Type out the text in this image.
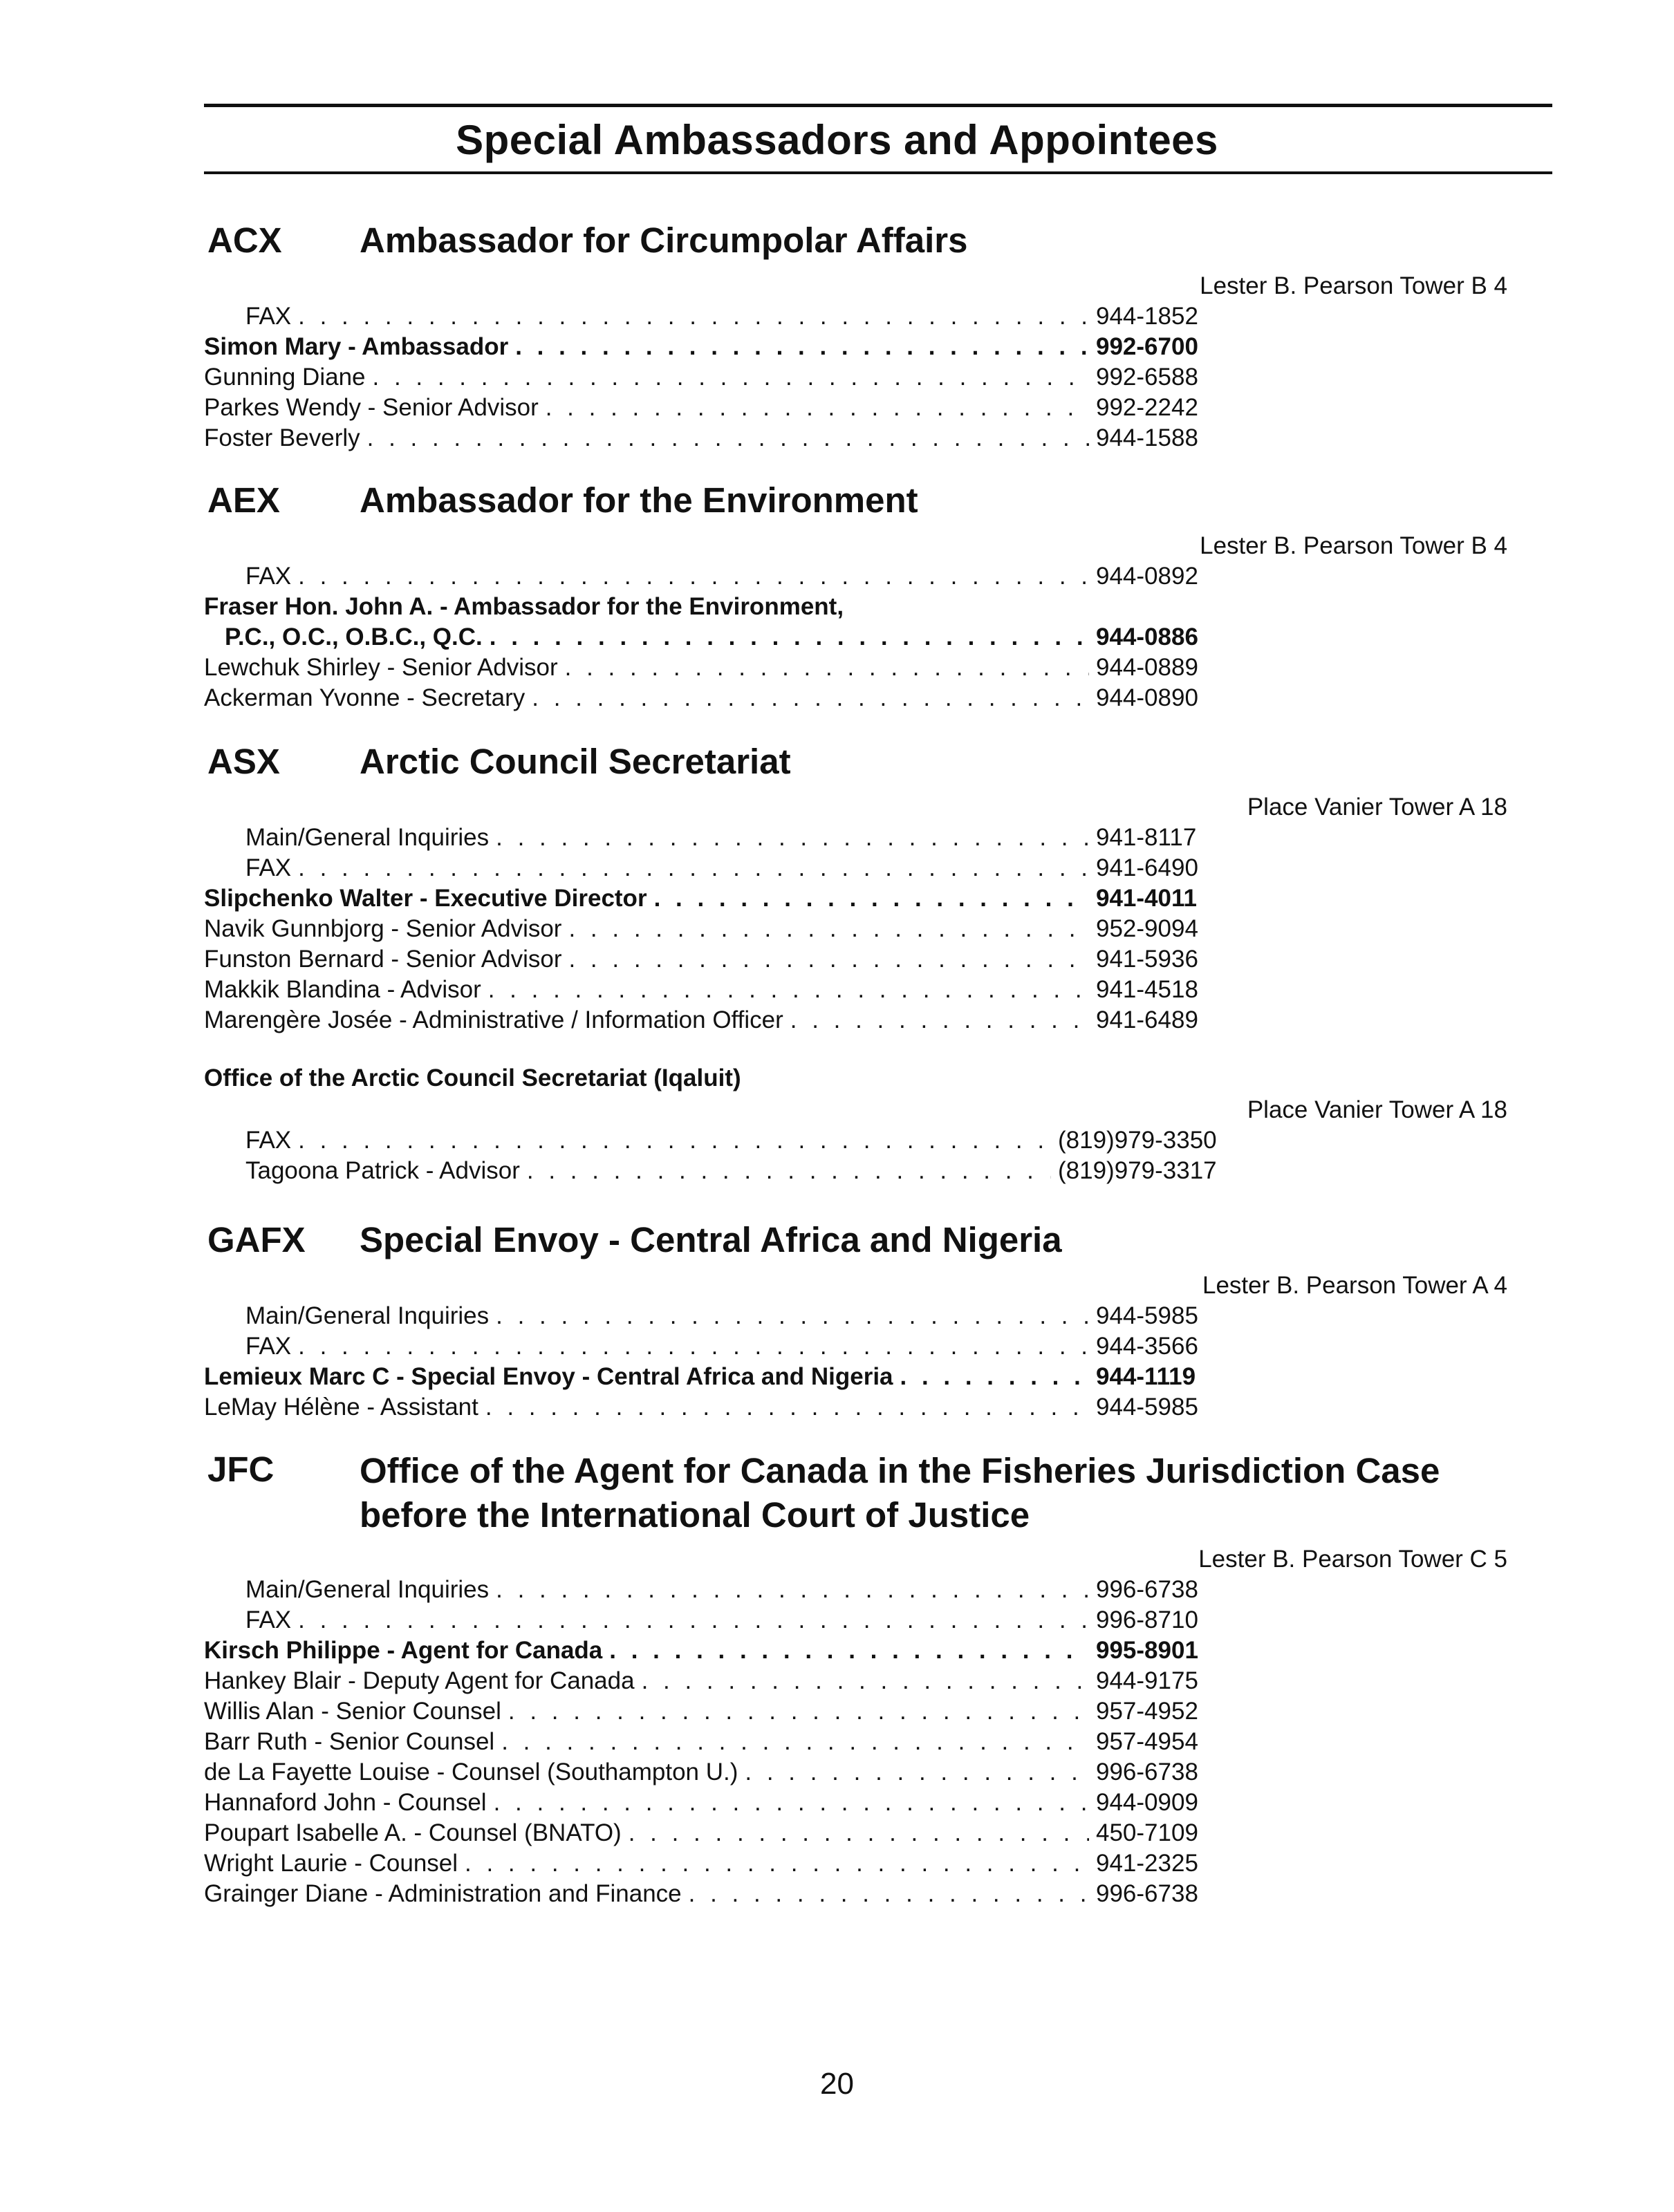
Special Ambassadors and Appointees
ACX Ambassador for Circumpolar Affairs
Lester B. Pearson Tower B 4
FAX . . .	944-1852
Simon Mary - Ambassador . . .	992-6700
Gunning Diane . . .	992-6588
Parkes Wendy - Senior Advisor . . .	992-2242
Foster Beverly . . .	944-1588
AEX Ambassador for the Environment
Lester B. Pearson Tower B 4
FAX . . .	944-0892
Fraser Hon. John A. - Ambassador for the Environment,
P.C., O.C., O.B.C., Q.C. . . .	944-0886
Lewchuk Shirley - Senior Advisor . . .	944-0889
Ackerman Yvonne - Secretary . . .	944-0890
ASX Arctic Council Secretariat
Place Vanier Tower A 18
Main/General Inquiries . . .	941-8117
FAX . . .	941-6490
Slipchenko Walter - Executive Director . . .	941-4011
Navik Gunnbjorg - Senior Advisor . . .	952-9094
Funston Bernard - Senior Advisor . . .	941-5936
Makkik Blandina - Advisor . . .	941-4518
Marengère Josée - Administrative / Information Officer . . .	941-6489
Office of the Arctic Council Secretariat (Iqaluit)
Place Vanier Tower A 18
FAX . . .	(819)979-3350
Tagoona Patrick - Advisor . . .	(819)979-3317
GAFX Special Envoy - Central Africa and Nigeria
Lester B. Pearson Tower A 4
Main/General Inquiries . . .	944-5985
FAX . . .	944-3566
Lemieux Marc C - Special Envoy - Central Africa and Nigeria . . .	944-1119
LeMay Hélène - Assistant . . .	944-5985
JFC Office of the Agent for Canada in the Fisheries Jurisdiction Case
before the International Court of Justice
Lester B. Pearson Tower C 5
Main/General Inquiries . . .	996-6738
FAX . . .	996-8710
Kirsch Philippe - Agent for Canada . . .	995-8901
Hankey Blair - Deputy Agent for Canada . . .	944-9175
Willis Alan - Senior Counsel . . .	957-4952
Barr Ruth - Senior Counsel . . .	957-4954
de La Fayette Louise - Counsel (Southampton U.) . . .	996-6738
Hannaford John - Counsel . . .	944-0909
Poupart Isabelle A. - Counsel (BNATO) . . .	450-7109
Wright Laurie - Counsel . . .	941-2325
Grainger Diane - Administration and Finance . . .	996-6738
20
